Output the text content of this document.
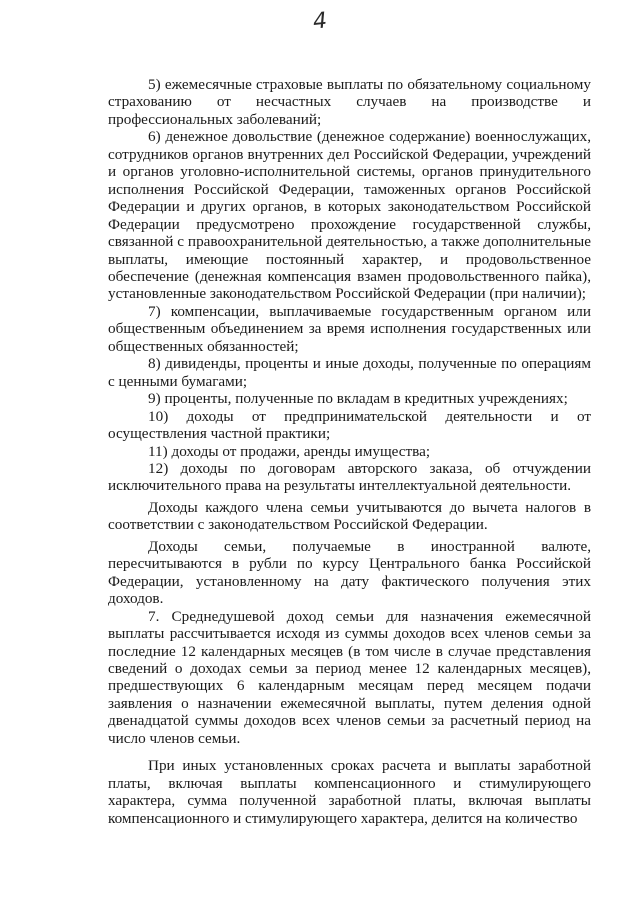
4

5) ежемесячные страховые выплаты по обязательному социальному страхованию от несчастных случаев на производстве и профессиональных заболеваний;

6) денежное довольствие (денежное содержание) военнослужащих, сотрудников органов внутренних дел Российской Федерации, учреждений и органов уголовно-исполнительной системы, органов принудительного исполнения Российской Федерации, таможенных органов Российской Федерации и других органов, в которых законодательством Российской Федерации предусмотрено прохождение государственной службы, связанной с правоохранительной деятельностью, а также дополнительные выплаты, имеющие постоянный характер, и продовольственное обеспечение (денежная компенсация взамен продовольственного пайка), установленные законодательством Российской Федерации (при наличии);

7) компенсации, выплачиваемые государственным органом или общественным объединением за время исполнения государственных или общественных обязанностей;

8) дивиденды, проценты и иные доходы, полученные по операциям с ценными бумагами;

9) проценты, полученные по вкладам в кредитных учреждениях;

10) доходы от предпринимательской деятельности и от осуществления частной практики;

11) доходы от продажи, аренды имущества;

12) доходы по договорам авторского заказа, об отчуждении исключительного права на результаты интеллектуальной деятельности.

Доходы каждого члена семьи учитываются до вычета налогов в соответствии с законодательством Российской Федерации.

Доходы семьи, получаемые в иностранной валюте, пересчитываются в рубли по курсу Центрального банка Российской Федерации, установленному на дату фактического получения этих доходов.

7. Среднедушевой доход семьи для назначения ежемесячной выплаты рассчитывается исходя из суммы доходов всех членов семьи за последние 12 календарных месяцев (в том числе в случае представления сведений о доходах семьи за период менее 12 календарных месяцев), предшествующих 6 календарным месяцам перед месяцем подачи заявления о назначении ежемесячной выплаты, путем деления одной двенадцатой суммы доходов всех членов семьи за расчетный период на число членов семьи.

При иных установленных сроках расчета и выплаты заработной платы, включая выплаты компенсационного и стимулирующего характера, сумма полученной заработной платы, включая выплаты компенсационного и стимулирующего характера, делится на количество
